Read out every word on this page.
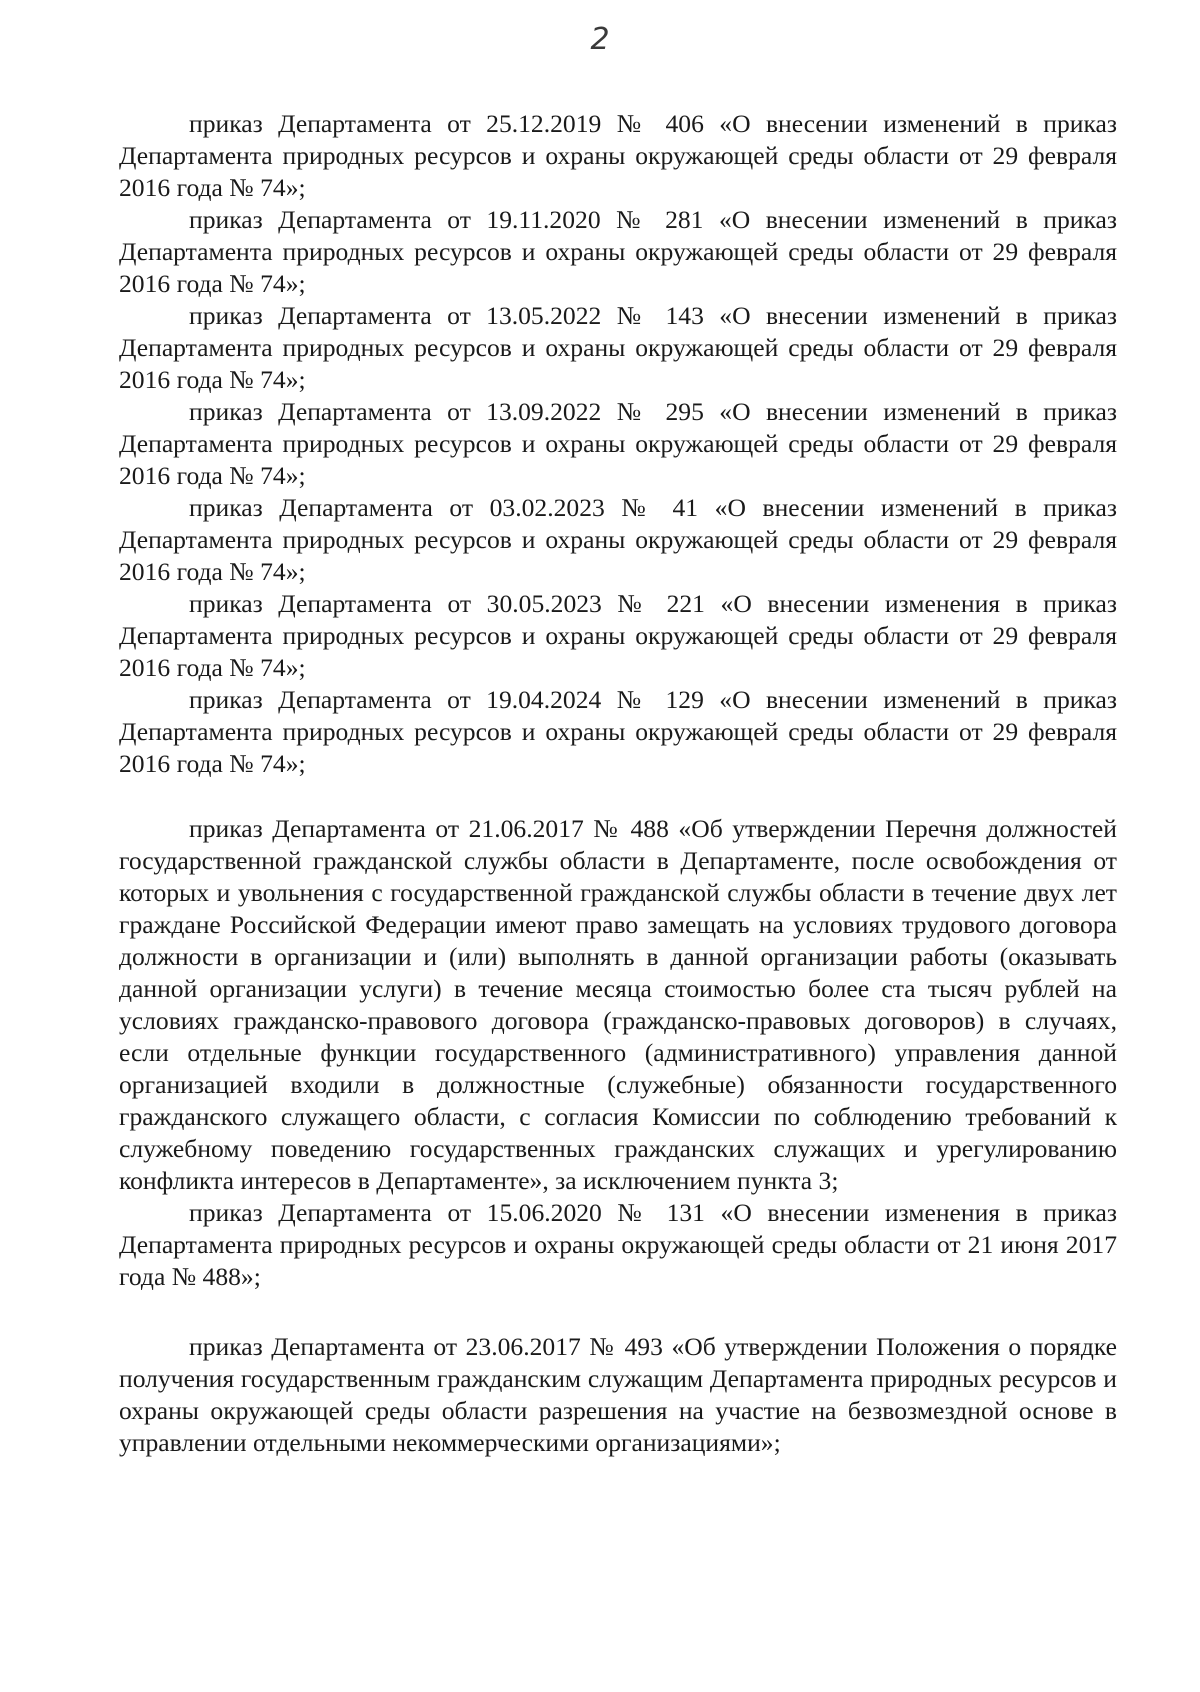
2

приказ Департамента от 25.12.2019 № 406 «О внесении изменений в приказ Департамента природных ресурсов и охраны окружающей среды области от 29 февраля 2016 года № 74»;

приказ Департамента от 19.11.2020 № 281 «О внесении изменений в приказ Департамента природных ресурсов и охраны окружающей среды области от 29 февраля 2016 года № 74»;

приказ Департамента от 13.05.2022 № 143 «О внесении изменений в приказ Департамента природных ресурсов и охраны окружающей среды области от 29 февраля 2016 года № 74»;

приказ Департамента от 13.09.2022 № 295 «О внесении изменений в приказ Департамента природных ресурсов и охраны окружающей среды области от 29 февраля 2016 года № 74»;

приказ Департамента от 03.02.2023 № 41 «О внесении изменений в приказ Департамента природных ресурсов и охраны окружающей среды области от 29 февраля 2016 года № 74»;

приказ Департамента от 30.05.2023 № 221 «О внесении изменения в приказ Департамента природных ресурсов и охраны окружающей среды области от 29 февраля 2016 года № 74»;

приказ Департамента от 19.04.2024 № 129 «О внесении изменений в приказ Департамента природных ресурсов и охраны окружающей среды области от 29 февраля 2016 года № 74»;

приказ Департамента от 21.06.2017 № 488 «Об утверждении Перечня должностей государственной гражданской службы области в Департаменте, после освобождения от которых и увольнения с государственной гражданской службы области в течение двух лет граждане Российской Федерации имеют право замещать на условиях трудового договора должности в организации и (или) выполнять в данной организации работы (оказывать данной организации услуги) в течение месяца стоимостью более ста тысяч рублей на условиях гражданско-правового договора (гражданско-правовых договоров) в случаях, если отдельные функции государственного (административного) управления данной организацией входили в должностные (служебные) обязанности государственного гражданского служащего области, с согласия Комиссии по соблюдению требований к служебному поведению государственных гражданских служащих и урегулированию конфликта интересов в Департаменте», за исключением пункта 3;

приказ Департамента от 15.06.2020 № 131 «О внесении изменения в приказ Департамента природных ресурсов и охраны окружающей среды области от 21 июня 2017 года № 488»;

приказ Департамента от 23.06.2017 № 493 «Об утверждении Положения о порядке получения государственным гражданским служащим Департамента природных ресурсов и охраны окружающей среды области разрешения на участие на безвозмездной основе в управлении отдельными некоммерческими организациями»;
